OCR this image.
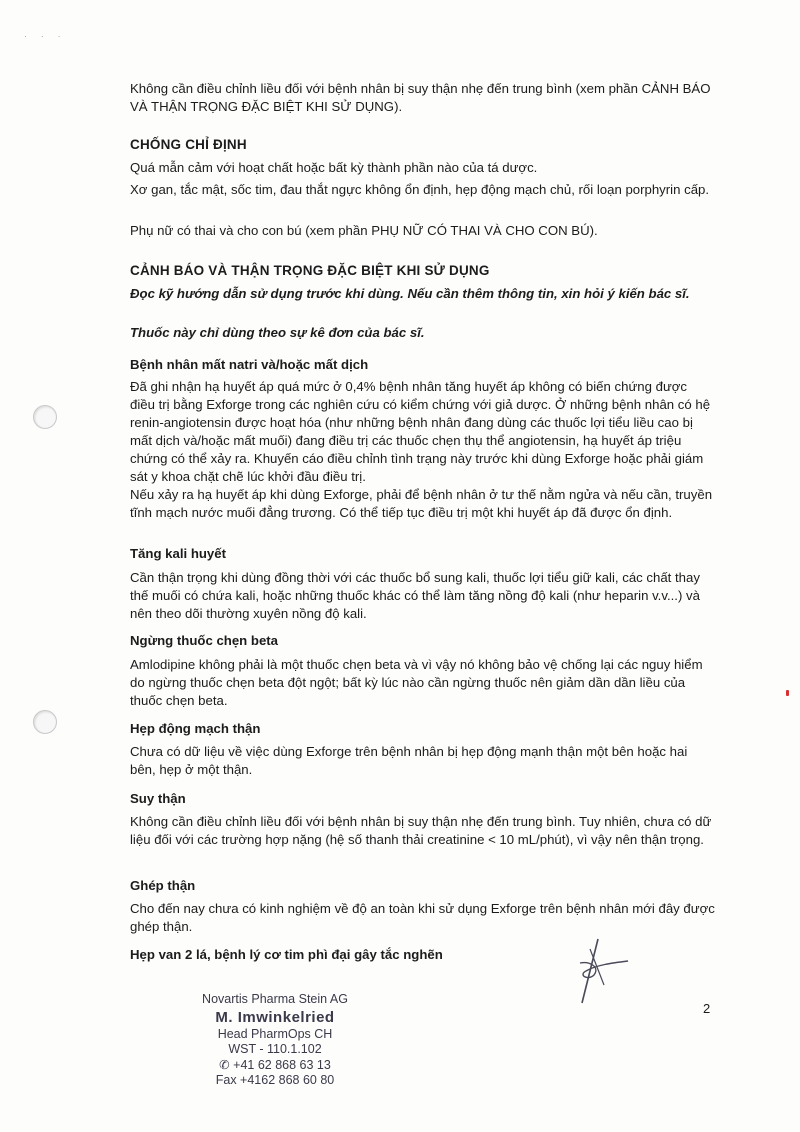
· · ·

Không cần điều chỉnh liều đối với bệnh nhân bị suy thận nhẹ đến trung bình (xem phần CẢNH BÁO VÀ THẬN TRỌNG ĐẶC BIỆT KHI SỬ DỤNG).

CHỐNG CHỈ ĐỊNH

Quá mẫn cảm với hoạt chất hoặc bất kỳ thành phần nào của tá dược.

Xơ gan, tắc mật, sốc tim, đau thắt ngực không ổn định, hẹp động mạch chủ, rối loạn porphyrin cấp.

Phụ nữ có thai và cho con bú (xem phần PHỤ NỮ CÓ THAI VÀ CHO CON BÚ).

CẢNH BÁO VÀ THẬN TRỌNG ĐẶC BIỆT KHI SỬ DỤNG

Đọc kỹ hướng dẫn sử dụng trước khi dùng. Nếu cần thêm thông tin, xin hỏi ý kiến bác sĩ.

Thuốc này chỉ dùng theo sự kê đơn của bác sĩ.

Bệnh nhân mất natri và/hoặc mất dịch

Đã ghi nhận hạ huyết áp quá mức ở 0,4% bệnh nhân tăng huyết áp không có biến chứng được điều trị bằng Exforge trong các nghiên cứu có kiểm chứng với giả dược. Ở những bệnh nhân có hệ renin-angiotensin được hoạt hóa (như những bệnh nhân đang dùng các thuốc lợi tiểu liều cao bị mất dịch và/hoặc mất muối) đang điều trị các thuốc chẹn thụ thể angiotensin, hạ huyết áp triệu chứng có thể xảy ra. Khuyến cáo điều chỉnh tình trạng này trước khi dùng Exforge hoặc phải giám sát y khoa chặt chẽ lúc khởi đầu điều trị.

Nếu xảy ra hạ huyết áp khi dùng Exforge, phải để bệnh nhân ở tư thế nằm ngửa và nếu cần, truyền tĩnh mạch nước muối đẳng trương. Có thể tiếp tục điều trị một khi huyết áp đã được ổn định.

Tăng kali huyết

Cần thận trọng khi dùng đồng thời với các thuốc bổ sung kali, thuốc lợi tiểu giữ kali, các chất thay thế muối có chứa kali, hoặc những thuốc khác có thể làm tăng nồng độ kali (như heparin v.v...) và nên theo dõi thường xuyên nồng độ kali.

Ngừng thuốc chẹn beta

Amlodipine không phải là một thuốc chẹn beta và vì vậy nó không bảo vệ chống lại các nguy hiểm do ngừng thuốc chẹn beta đột ngột; bất kỳ lúc nào cần ngừng thuốc nên giảm dần dần liều của thuốc chẹn beta.

Hẹp động mạch thận

Chưa có dữ liệu về việc dùng Exforge trên bệnh nhân bị hẹp động mạnh thận một bên hoặc hai bên, hẹp ở một thận.

Suy thận

Không cần điều chỉnh liều đối với bệnh nhân bị suy thận nhẹ đến trung bình. Tuy nhiên, chưa có dữ liệu đối với các trường hợp nặng (hệ số thanh thải creatinine < 10 mL/phút), vì vậy nên thận trọng.

Ghép thận

Cho đến nay chưa có kinh nghiệm về độ an toàn khi sử dụng Exforge trên bệnh nhân mới đây được ghép thận.

Hẹp van 2 lá, bệnh lý cơ tim phì đại gây tắc nghẽn

Novartis Pharma Stein AG
M. Imwinkelried
Head PharmOps CH
WST - 110.1.102
✆ +41 62 868 63 13
Fax +4162 868 60 80
2
